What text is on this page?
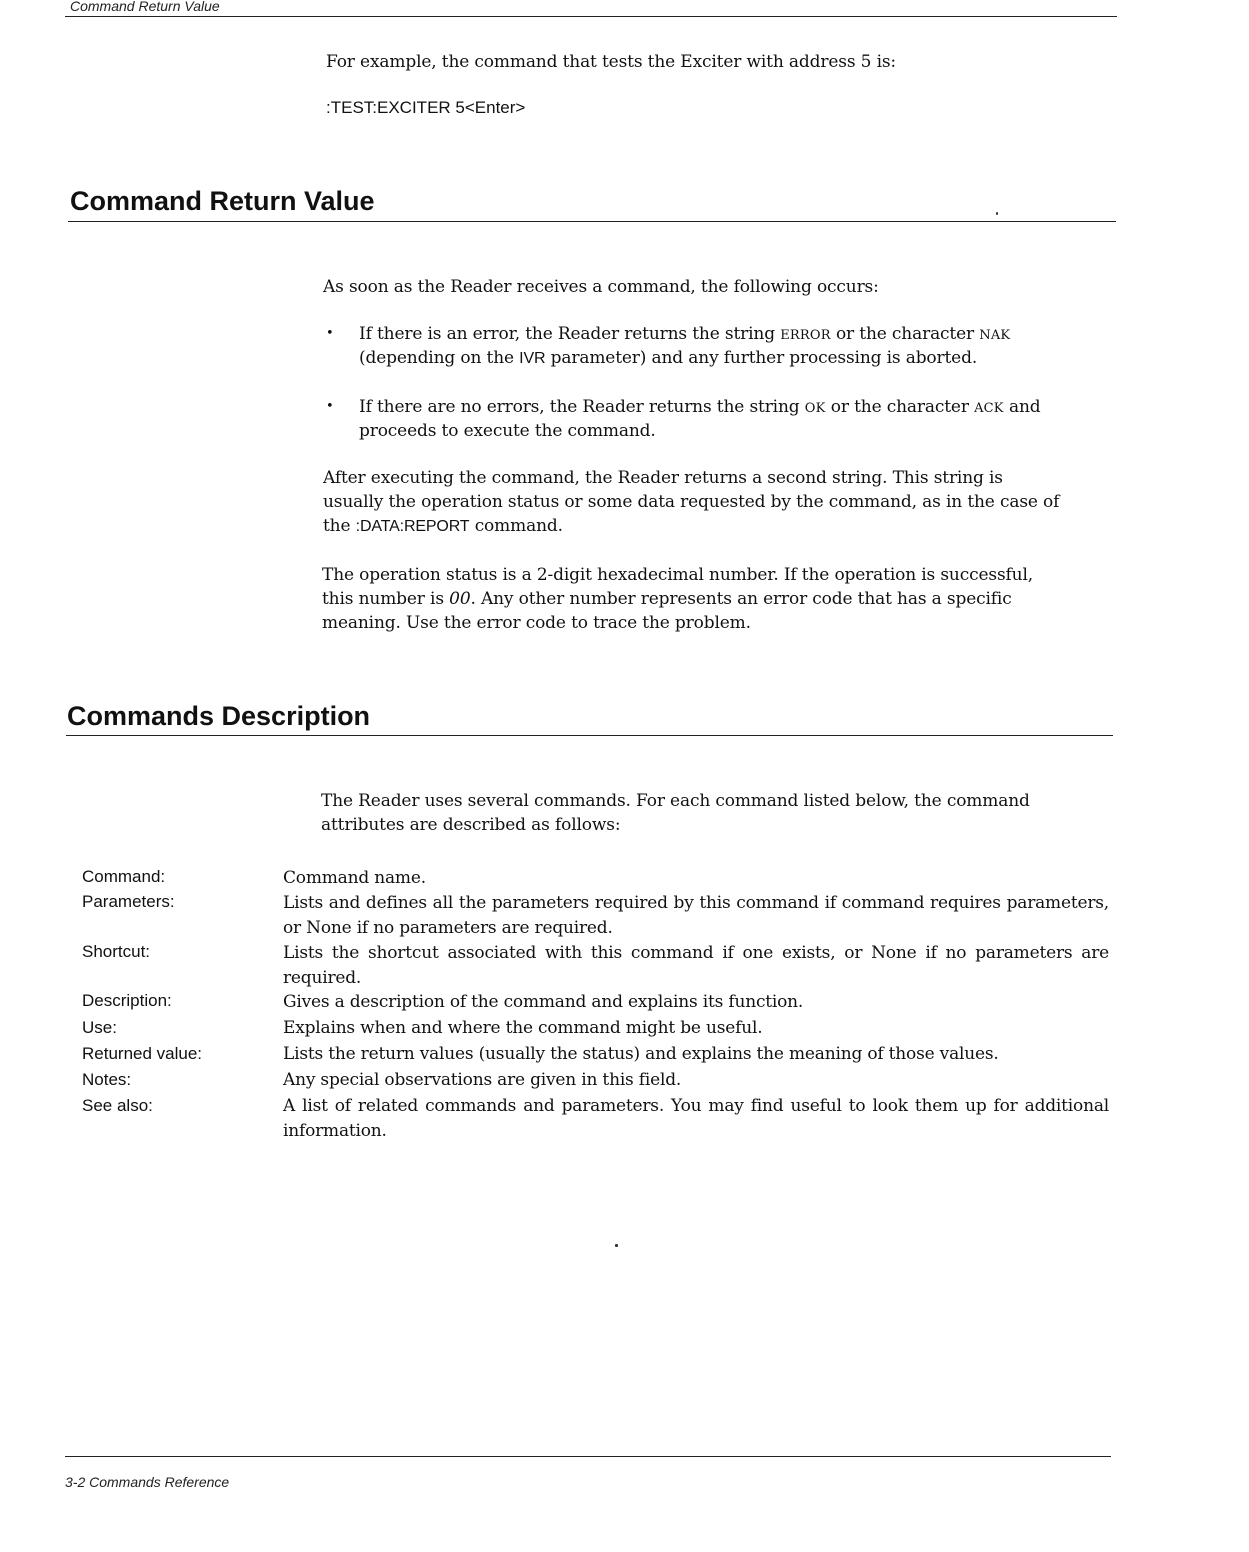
Command Return Value
For example, the command that tests the Exciter with address 5 is:
:TEST:EXCITER 5<Enter>
Command Return Value
As soon as the Reader receives a command, the following occurs:
• If there is an error, the Reader returns the string ERROR or the character NAK
(depending on the IVR parameter) and any further processing is aborted.
• If there are no errors, the Reader returns the string OK or the character ACK and
proceeds to execute the command.
After executing the command, the Reader returns a second string. This string is
usually the operation status or some data requested by the command, as in the case of
the :DATA:REPORT command.
The operation status is a 2-digit hexadecimal number. If the operation is successful,
this number is 00. Any other number represents an error code that has a specific
meaning. Use the error code to trace the problem.
Commands Description
The Reader uses several commands. For each command listed below, the command
attributes are described as follows:
Command:	Command name.
Parameters:	Lists and defines all the parameters required by this command if command requires parameters, or None if no parameters are required.
Shortcut:	Lists the shortcut associated with this command if one exists, or None if no parameters are required.
Description:	Gives a description of the command and explains its function.
Use:	Explains when and where the command might be useful.
Returned value:	Lists the return values (usually the status) and explains the meaning of those values.
Notes:	Any special observations are given in this field.
See also:	A list of related commands and parameters. You may find useful to look them up for additional information.
3-2 Commands Reference
